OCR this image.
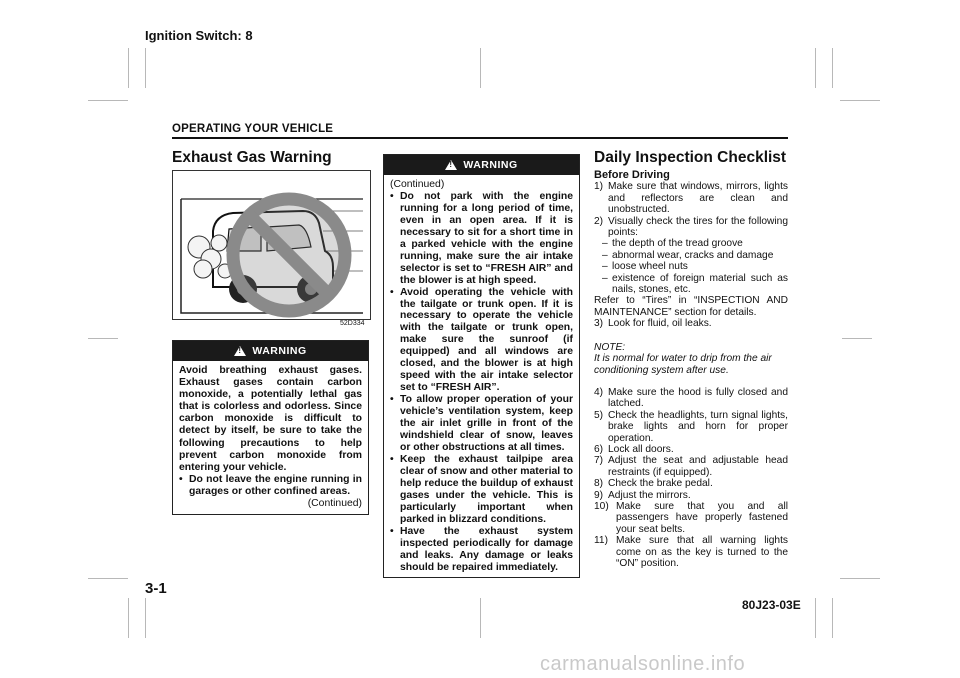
Ignition Switch: 8
OPERATING YOUR VEHICLE
Exhaust Gas Warning
52D334
!
WARNING
Avoid breathing exhaust gases. Exhaust gases contain carbon monoxide, a potentially lethal gas that is colorless and odorless. Since carbon monoxide is difficult to detect by itself, be sure to take the following precautions to help prevent carbon monoxide from entering your vehicle.
• Do not leave the engine running in garages or other confined areas.
(Continued)
!
WARNING
(Continued)
• Do not park with the engine running for a long period of time, even in an open area. If it is necessary to sit for a short time in a parked vehicle with the engine running, make sure the air intake selector is set to “FRESH AIR” and the blower is at high speed.
• Avoid operating the vehicle with the tailgate or trunk open. If it is necessary to operate the vehicle with the tailgate or trunk open, make sure the sunroof (if equipped) and all windows are closed, and the blower is at high speed with the air intake selector set to “FRESH AIR”.
• To allow proper operation of your vehicle’s ventilation system, keep the air inlet grille in front of the windshield clear of snow, leaves or other obstructions at all times.
• Keep the exhaust tailpipe area clear of snow and other material to help reduce the buildup of exhaust gases under the vehicle. This is particularly important when parked in blizzard conditions.
• Have the exhaust system inspected periodically for damage and leaks. Any damage or leaks should be repaired immediately.
Daily Inspection Checklist
Before Driving
1) Make sure that windows, mirrors, lights and reflectors are clean and unobstructed.
2) Visually check the tires for the following points:
– the depth of the tread groove
– abnormal wear, cracks and damage
– loose wheel nuts
– existence of foreign material such as nails, stones, etc.
Refer to “Tires” in “INSPECTION AND MAINTENANCE” section for details.
3) Look for fluid, oil leaks.
NOTE:
It is normal for water to drip from the air conditioning system after use.
4) Make sure the hood is fully closed and latched.
5) Check the headlights, turn signal lights, brake lights and horn for proper operation.
6) Lock all doors.
7) Adjust the seat and adjustable head restraints (if equipped).
8) Check the brake pedal.
9) Adjust the mirrors.
10) Make sure that you and all passengers have properly fastened your seat belts.
11) Make sure that all warning lights come on as the key is turned to the “ON” position.
3-1
80J23-03E
carmanualsonline.info
